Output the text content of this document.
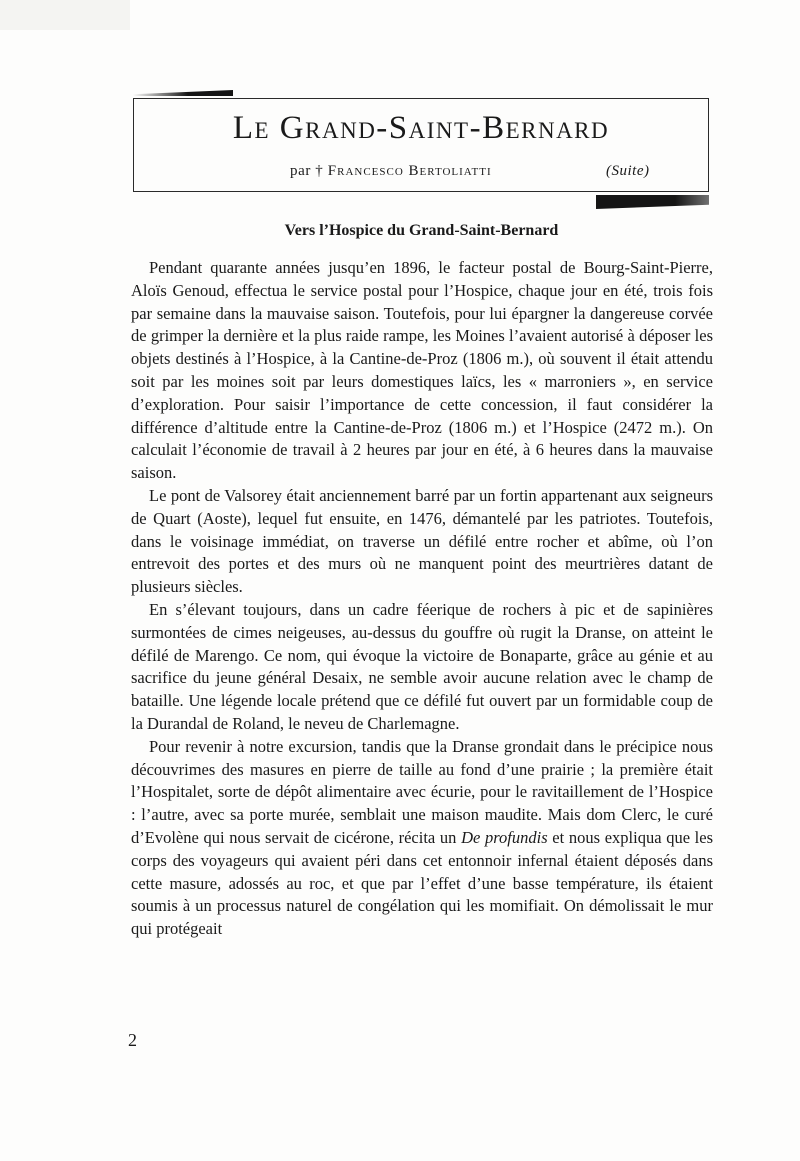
Le Grand-Saint-Bernard
par † Francesco Bertoliatti	(Suite)
Vers l’Hospice du Grand-Saint-Bernard

Pendant quarante années jusqu’en 1896, le facteur postal de Bourg-Saint-Pierre, Aloïs Genoud, effectua le service postal pour l’Hospice, chaque jour en été, trois fois par semaine dans la mauvaise saison. Toutefois, pour lui épargner la dangereuse corvée de grimper la dernière et la plus raide rampe, les Moines l’avaient autorisé à déposer les objets destinés à l’Hospice, à la Cantine-de-Proz (1806 m.), où souvent il était attendu soit par les moines soit par leurs domestiques laïcs, les « marroniers », en service d’exploration. Pour saisir l’importance de cette concession, il faut considérer la différence d’altitude entre la Cantine-de-Proz (1806 m.) et l’Hospice (2472 m.). On calculait l’économie de travail à 2 heures par jour en été, à 6 heures dans la mauvaise saison.

Le pont de Valsorey était anciennement barré par un fortin appartenant aux seigneurs de Quart (Aoste), lequel fut ensuite, en 1476, démantelé par les patriotes. Toutefois, dans le voisinage immédiat, on traverse un défilé entre rocher et abîme, où l’on entrevoit des portes et des murs où ne manquent point des meurtrières datant de plusieurs siècles.

En s’élevant toujours, dans un cadre féerique de rochers à pic et de sapinières surmontées de cimes neigeuses, au-dessus du gouffre où rugit la Dranse, on atteint le défilé de Marengo. Ce nom, qui évoque la victoire de Bonaparte, grâce au génie et au sacrifice du jeune général Desaix, ne semble avoir aucune relation avec le champ de bataille. Une légende locale prétend que ce défilé fut ouvert par un formidable coup de la Durandal de Roland, le neveu de Charlemagne.

Pour revenir à notre excursion, tandis que la Dranse grondait dans le précipice nous découvrimes des masures en pierre de taille au fond d’une prairie ; la première était l’Hospitalet, sorte de dépôt alimentaire avec écurie, pour le ravitaillement de l’Hospice : l’autre, avec sa porte murée, semblait une maison maudite. Mais dom Clerc, le curé d’Evolène qui nous servait de cicérone, récita un De profundis et nous expliqua que les corps des voyageurs qui avaient péri dans cet entonnoir infernal étaient déposés dans cette masure, adossés au roc, et que par l’effet d’une basse température, ils étaient soumis à un processus naturel de congélation qui les momifiait. On démolissait le mur qui protégeait

2
